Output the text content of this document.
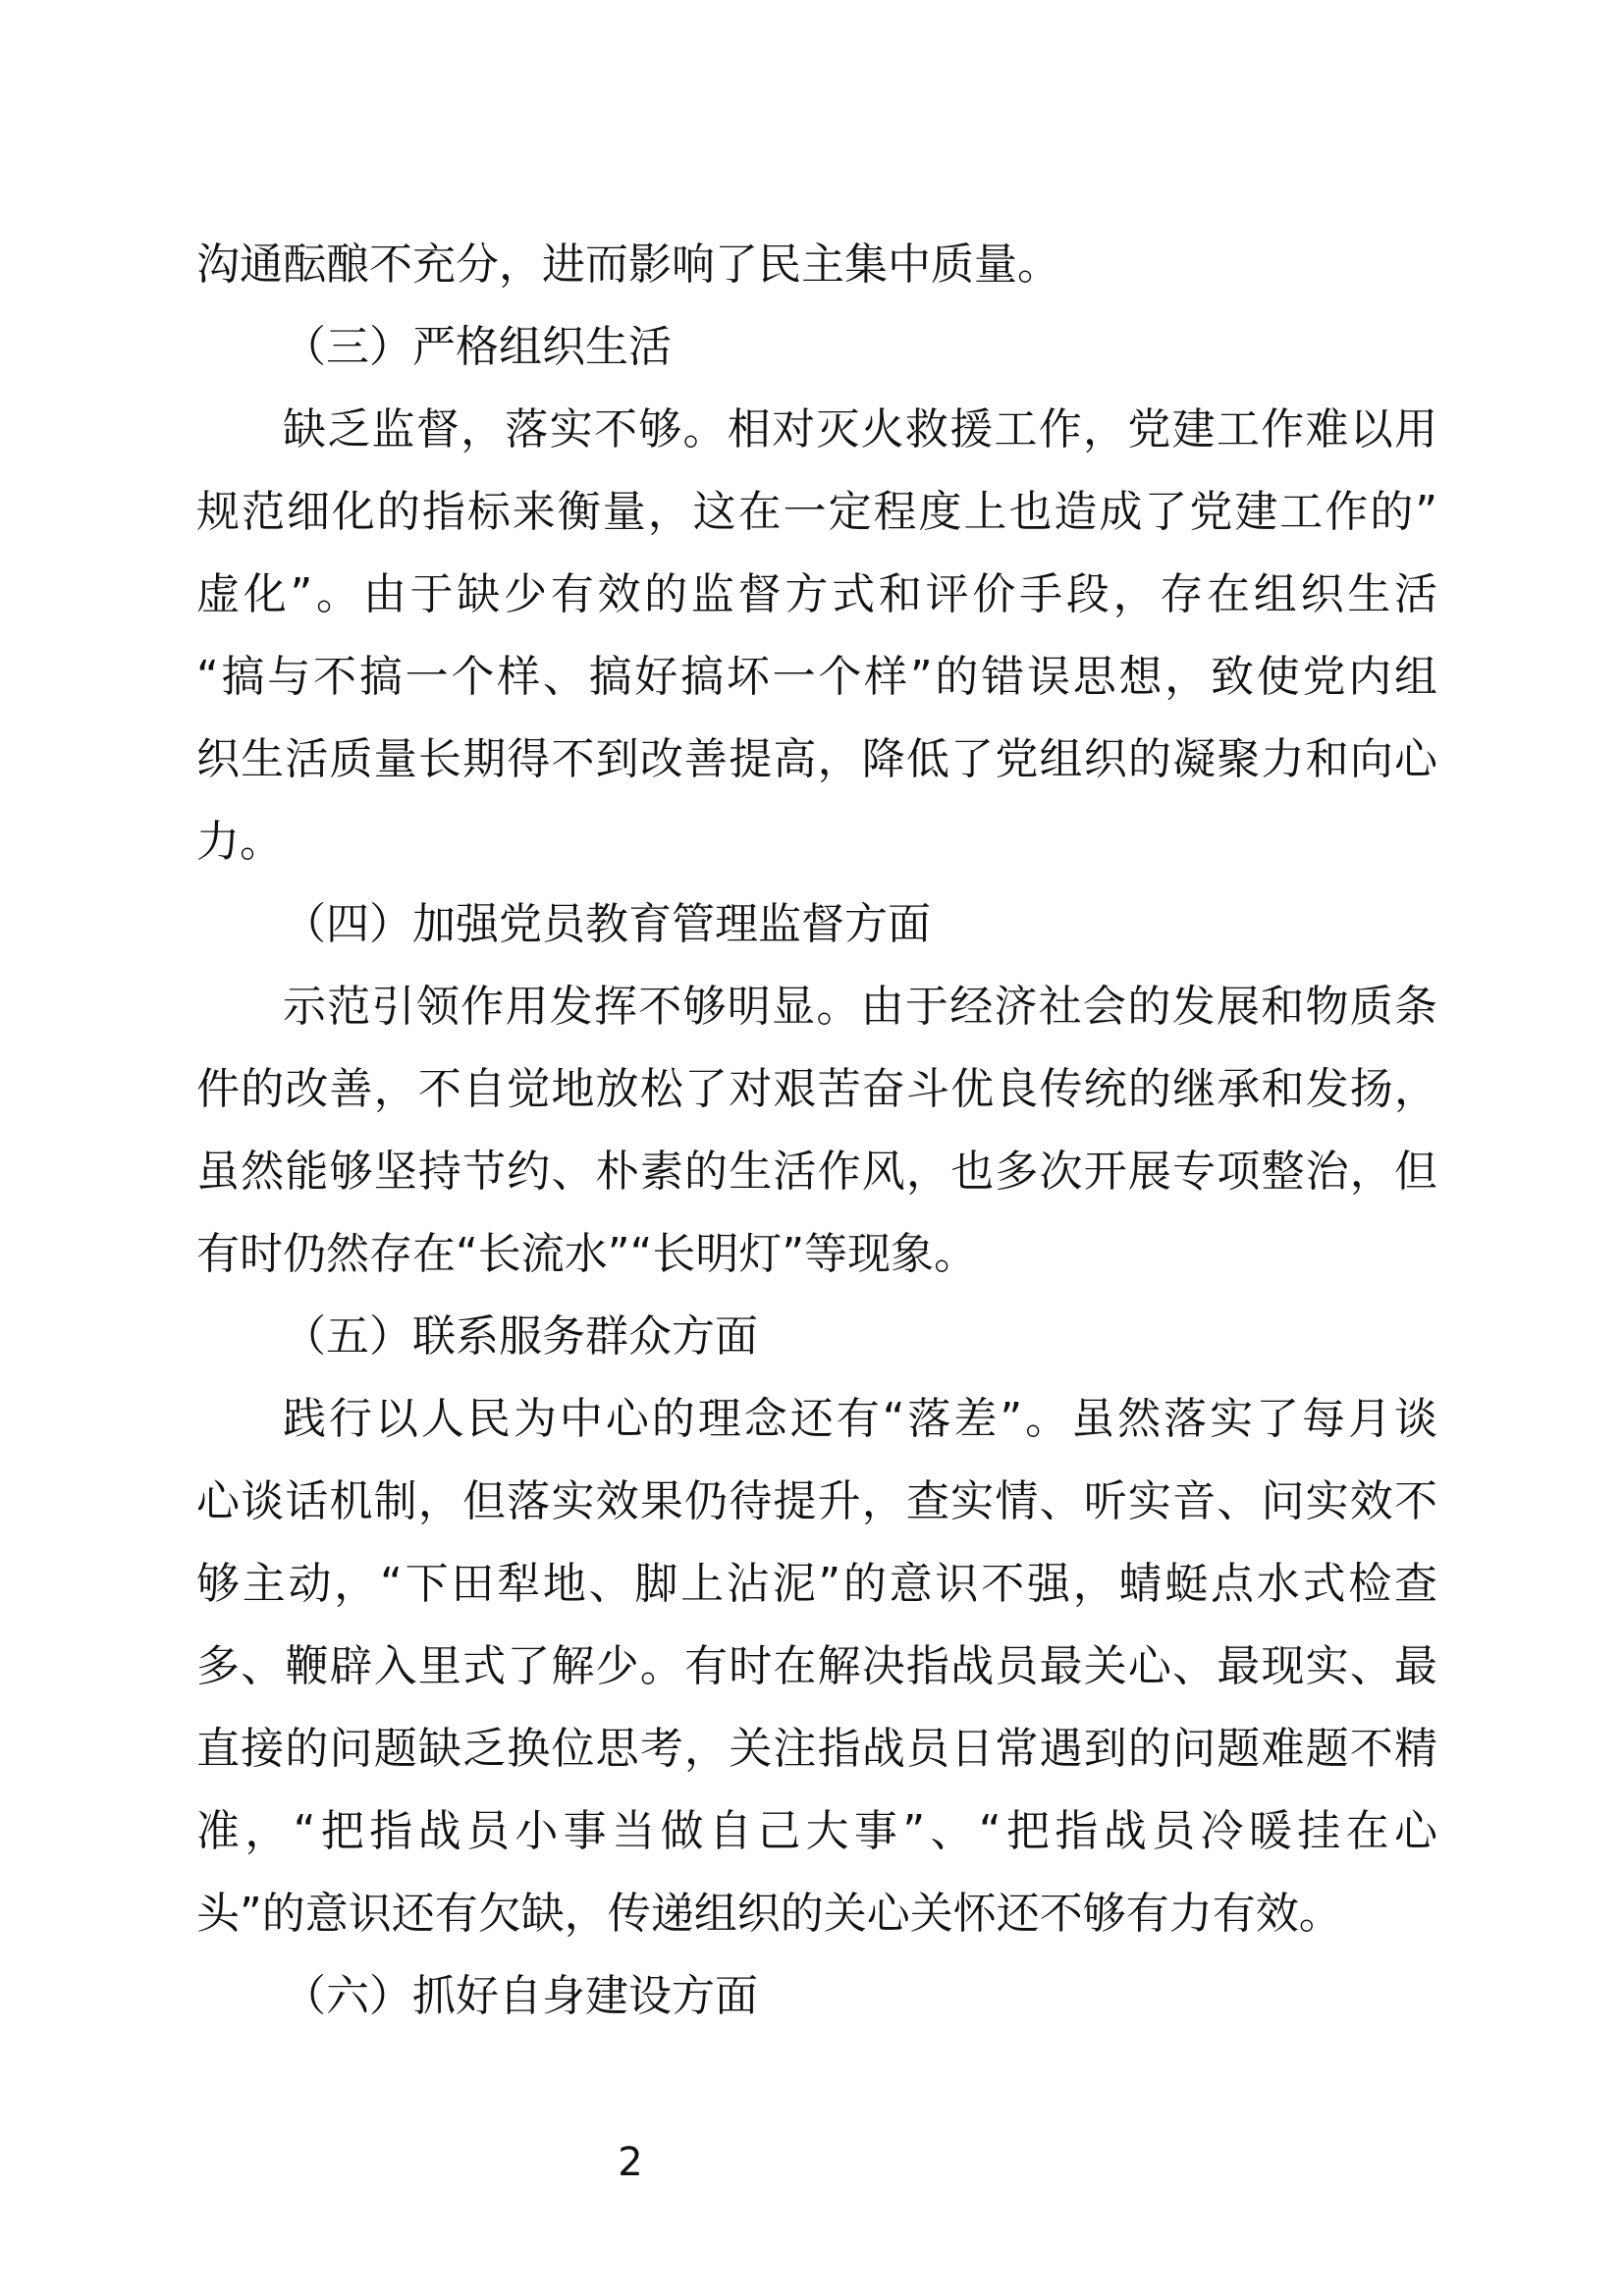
沟通酝酿不充分，进而影响了民主集中质量。
（三）严格组织生活
缺乏监督，落实不够。相对灭火救援工作，党建工作难以用
规范细化的指标来衡量，这在一定程度上也造成了党建工作的”
虚化”。由于缺少有效的监督方式和评价手段，存在组织生活
“搞与不搞一个样、搞好搞坏一个样”的错误思想，致使党内组
织生活质量长期得不到改善提高，降低了党组织的凝聚力和向心
力。
（四）加强党员教育管理监督方面
示范引领作用发挥不够明显。由于经济社会的发展和物质条
件的改善，不自觉地放松了对艰苦奋斗优良传统的继承和发扬，
虽然能够坚持节约、朴素的生活作风，也多次开展专项整治，但
有时仍然存在“长流水”“长明灯”等现象。
（五）联系服务群众方面
践行以人民为中心的理念还有“落差”。虽然落实了每月谈
心谈话机制，但落实效果仍待提升，查实情、听实音、问实效不
够主动，“下田犁地、脚上沾泥”的意识不强，蜻蜓点水式检查
多、鞭辟入里式了解少。有时在解决指战员最关心、最现实、最
直接的问题缺乏换位思考，关注指战员日常遇到的问题难题不精
准，“把指战员小事当做自己大事”、“把指战员冷暖挂在心
头”的意识还有欠缺，传递组织的关心关怀还不够有力有效。
（六）抓好自身建设方面
2
